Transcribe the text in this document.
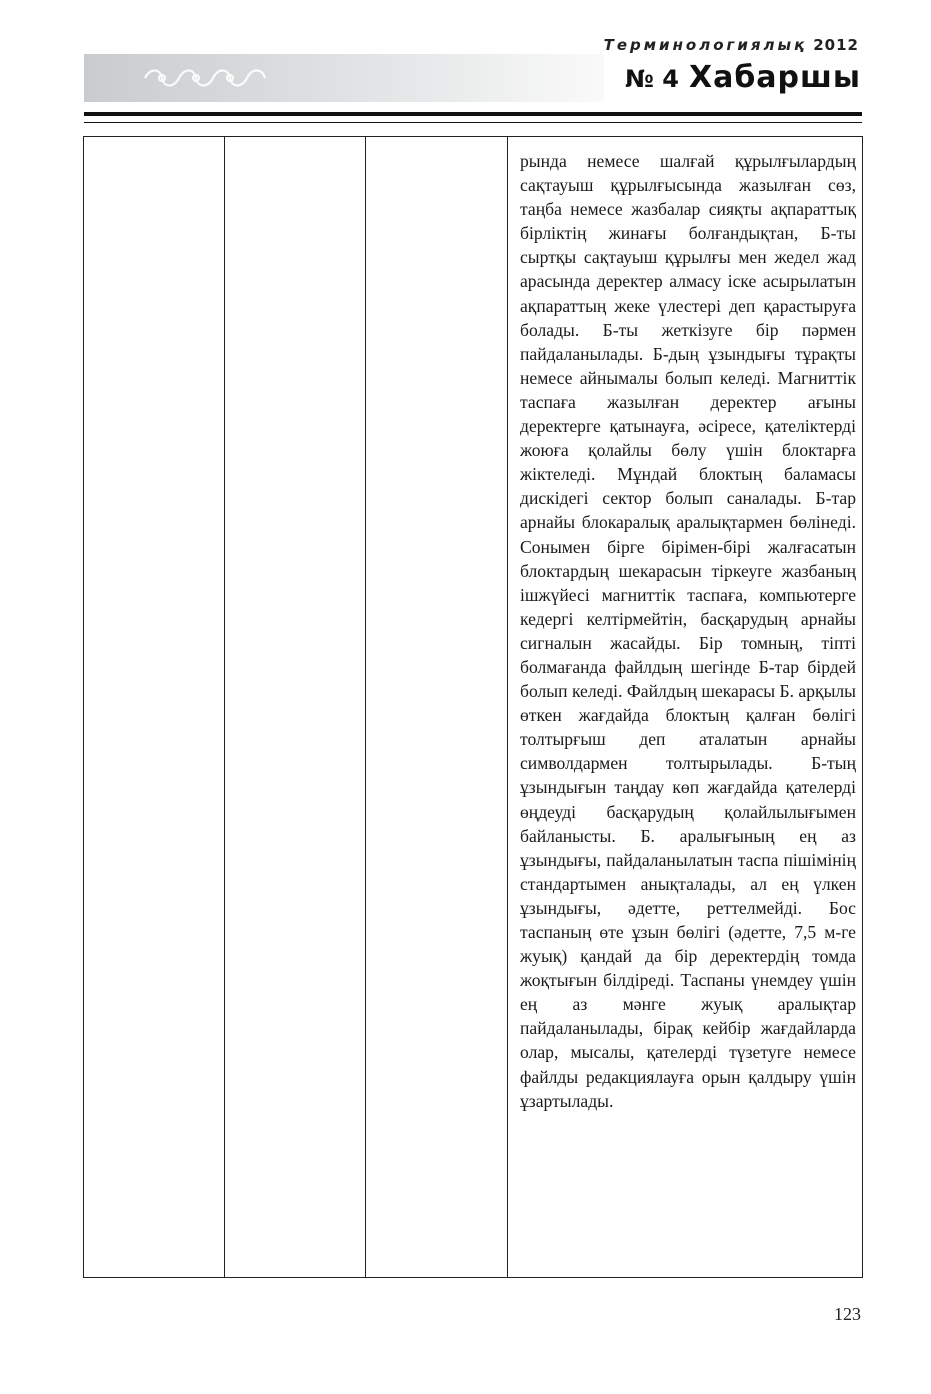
Терминологиялық 2012
№ 4 Хабаршы

рында немесе шалғай құрылғылардың сақтауыш құрылғысында жазылған сөз, таңба немесе жазбалар сияқты ақпараттық бірліктің жинағы болғандықтан, Б-ты сыртқы сақтауыш құрылғы мен жедел жад арасында деректер алмасу іске асырылатын ақпараттың жеке үлестері деп қарастыруға болады. Б-ты жеткізуге бір пәрмен пайдаланылады. Б-дың ұзындығы тұрақты немесе айнымалы болып келеді. Магниттік таспаға жазылған деректер ағыны деректерге қатынауға, әсіресе, қателіктерді жоюға қолайлы бөлу үшін блоктарға жіктеледі. Мұндай блоктың баламасы дискідегі сектор болып саналады. Б-тар арнайы блокаралық аралықтармен бөлінеді. Сонымен бірге бірімен-бірі жалғасатын блоктардың шекарасын тіркеуге жазбаның ішжүйесі магниттік таспаға, компьютерге кедергі келтірмейтін, басқарудың арнайы сигналын жасайды. Бір томның, тіпті болмағанда файлдың шегінде Б-тар бірдей болып келеді. Файлдың шекарасы Б. арқылы өткен жағдайда блоктың қалған бөлігі толтырғыш деп аталатын арнайы символдармен толтырылады. Б-тың ұзындығын таңдау көп жағдайда қателерді өңдеуді басқарудың қолайлылығымен байланысты. Б. аралығының ең аз ұзындығы, пайдаланылатын таспа пішімінің стандартымен анықталады, ал ең үлкен ұзындығы, әдетте, реттелмейді. Бос таспаның өте ұзын бөлігі (әдетте, 7,5 м-ге жуық) қандай да бір деректердің томда жоқтығын білдіреді. Таспаны үнемдеу үшін ең аз мәнге жуық аралықтар пайдаланылады, бірақ кейбір жағдайларда олар, мысалы, қателерді түзетуге немесе файлды редакциялауға орын қалдыру үшін ұзартылады.

123
